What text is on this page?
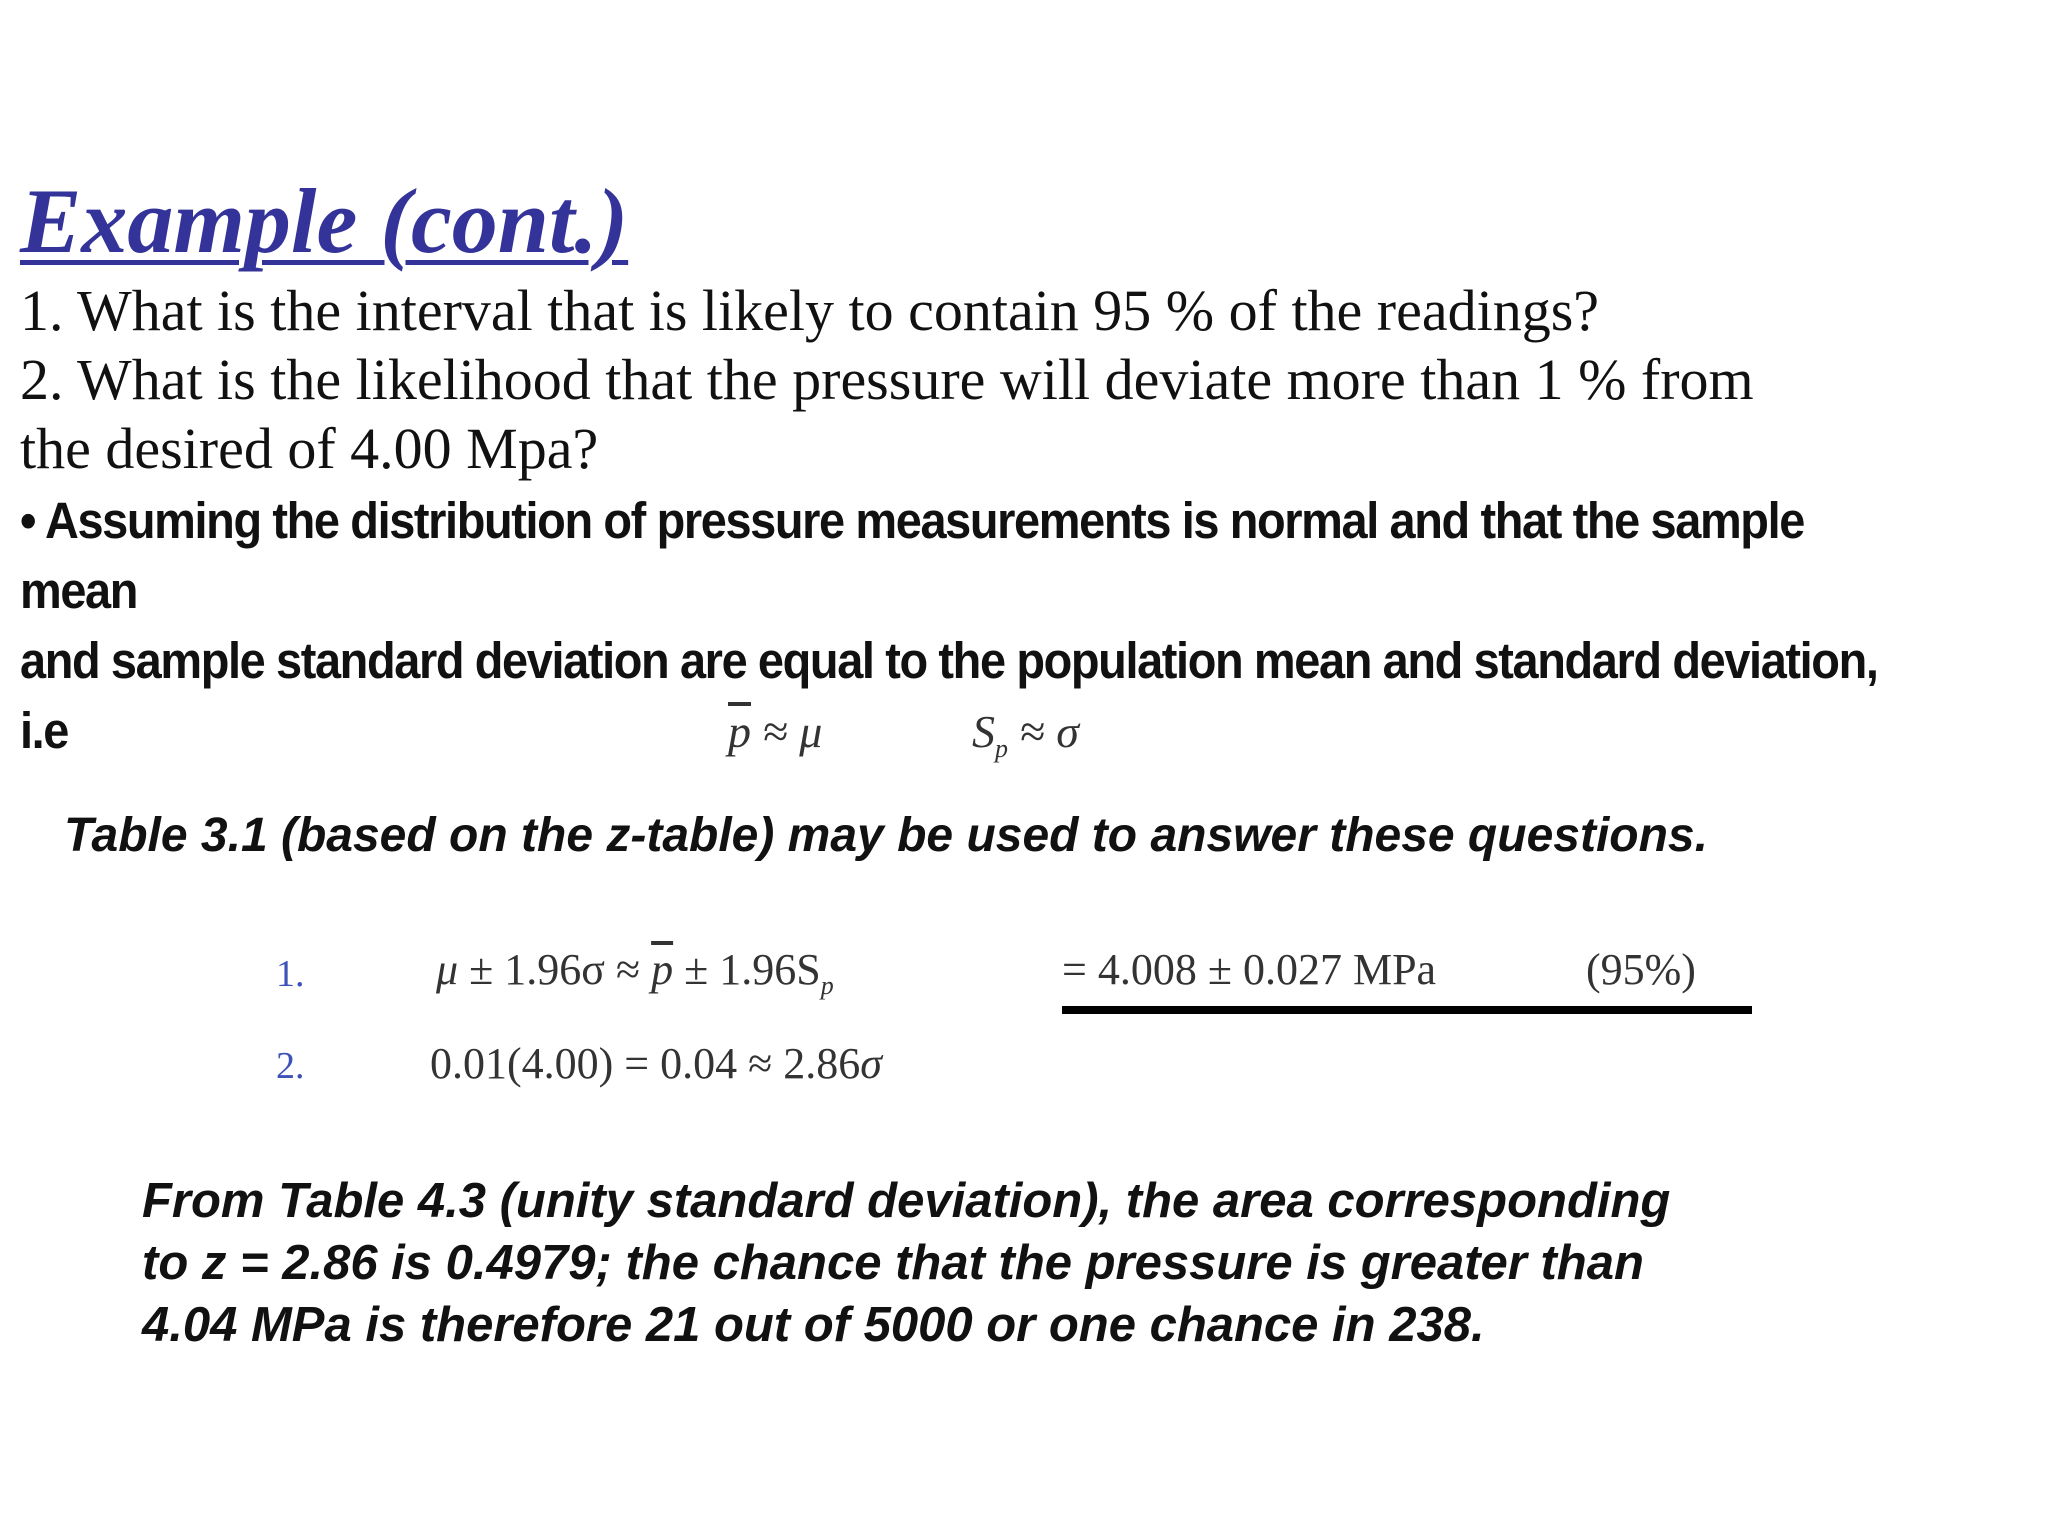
Example (cont.)
1. What is the interval that is likely to contain 95 % of the readings?
2. What is the likelihood that the pressure will deviate more than 1 % from
the desired of 4.00 Mpa?
• Assuming the distribution of pressure measurements is normal and that the sample
mean
and sample standard deviation are equal to the population mean and standard deviation,
i.e	$\overline{p} \approx \mu$	$S_p \approx \sigma$
Table 3.1 (based on the z-table) may be used to answer these questions.
1.	$\mu \pm 1.96\sigma \approx \overline{p} \pm 1.96S_p$	= 4.008 ± 0.027 MPa	(95%)
2.	0.01(4.00) = 0.04 ≈ 2.86σ
From Table 4.3 (unity standard deviation), the area corresponding
to z = 2.86 is 0.4979; the chance that the pressure is greater than
4.04 MPa is therefore 21 out of 5000 or one chance in 238.
